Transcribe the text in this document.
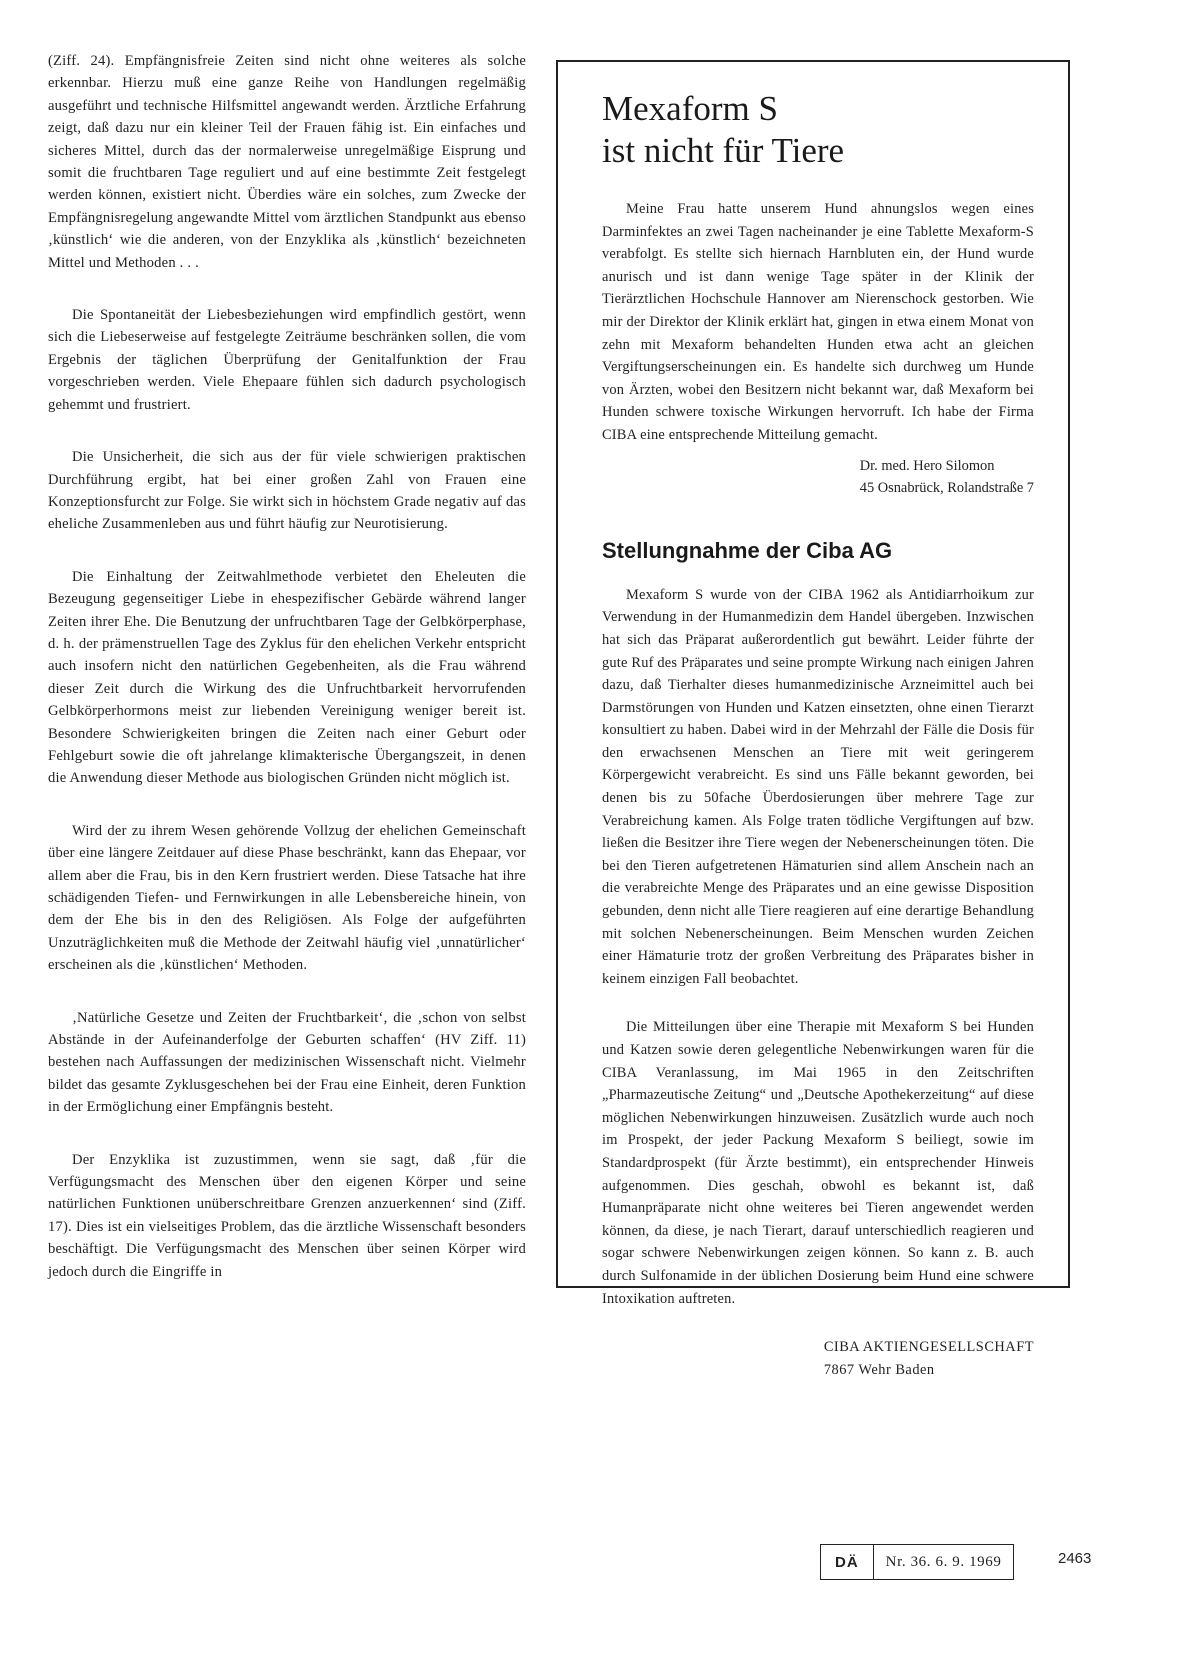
(Ziff. 24). Empfängnisfreie Zeiten sind nicht ohne weiteres als solche erkennbar. Hierzu muß eine ganze Reihe von Handlungen regelmäßig ausgeführt und technische Hilfsmittel angewandt werden. Ärztliche Erfahrung zeigt, daß dazu nur ein kleiner Teil der Frauen fähig ist. Ein einfaches und sicheres Mittel, durch das der normalerweise unregelmäßige Eisprung und somit die fruchtbaren Tage reguliert und auf eine bestimmte Zeit festgelegt werden können, existiert nicht. Überdies wäre ein solches, zum Zwecke der Empfängnisregelung angewandte Mittel vom ärztlichen Standpunkt aus ebenso ‚künstlich‘ wie die anderen, von der Enzyklika als ‚künstlich‘ bezeichneten Mittel und Methoden . . .

Die Spontaneität der Liebesbeziehungen wird empfindlich gestört, wenn sich die Liebeserweise auf festgelegte Zeiträume beschränken sollen, die vom Ergebnis der täglichen Überprüfung der Genitalfunktion der Frau vorgeschrieben werden. Viele Ehepaare fühlen sich dadurch psychologisch gehemmt und frustriert.

Die Unsicherheit, die sich aus der für viele schwierigen praktischen Durchführung ergibt, hat bei einer großen Zahl von Frauen eine Konzeptionsfurcht zur Folge. Sie wirkt sich in höchstem Grade negativ auf das eheliche Zusammenleben aus und führt häufig zur Neurotisierung.

Die Einhaltung der Zeitwahlmethode verbietet den Eheleuten die Bezeugung gegenseitiger Liebe in ehespezifischer Gebärde während langer Zeiten ihrer Ehe. Die Benutzung der unfruchtbaren Tage der Gelbkörperphase, d. h. der prämenstruellen Tage des Zyklus für den ehelichen Verkehr entspricht auch insofern nicht den natürlichen Gegebenheiten, als die Frau während dieser Zeit durch die Wirkung des die Unfruchtbarkeit hervorrufenden Gelbkörperhormons meist zur liebenden Vereinigung weniger bereit ist. Besondere Schwierigkeiten bringen die Zeiten nach einer Geburt oder Fehlgeburt sowie die oft jahrelange klimakterische Übergangszeit, in denen die Anwendung dieser Methode aus biologischen Gründen nicht möglich ist.

Wird der zu ihrem Wesen gehörende Vollzug der ehelichen Gemeinschaft über eine längere Zeitdauer auf diese Phase beschränkt, kann das Ehepaar, vor allem aber die Frau, bis in den Kern frustriert werden. Diese Tatsache hat ihre schädigenden Tiefen- und Fernwirkungen in alle Lebensbereiche hinein, von dem der Ehe bis in den des Religiösen. Als Folge der aufgeführten Unzuträglichkeiten muß die Methode der Zeitwahl häufig viel ‚unnatürlicher‘ erscheinen als die ‚künstlichen‘ Methoden.

‚Natürliche Gesetze und Zeiten der Fruchtbarkeit‘, die ‚schon von selbst Abstände in der Aufeinanderfolge der Geburten schaffen‘ (HV Ziff. 11) bestehen nach Auffassungen der medizinischen Wissenschaft nicht. Vielmehr bildet das gesamte Zyklusgeschehen bei der Frau eine Einheit, deren Funktion in der Ermöglichung einer Empfängnis besteht.

Der Enzyklika ist zuzustimmen, wenn sie sagt, daß ‚für die Verfügungsmacht des Menschen über den eigenen Körper und seine natürlichen Funktionen unüberschreitbare Grenzen anzuerkennen‘ sind (Ziff. 17). Dies ist ein vielseitiges Problem, das die ärztliche Wissenschaft besonders beschäftigt. Die Verfügungsmacht des Menschen über seinen Körper wird jedoch durch die Eingriffe in

Mexaform S
ist nicht für Tiere

Meine Frau hatte unserem Hund ahnungslos wegen eines Darminfektes an zwei Tagen nacheinander je eine Tablette Mexaform-S verabfolgt. Es stellte sich hiernach Harnbluten ein, der Hund wurde anurisch und ist dann wenige Tage später in der Klinik der Tierärztlichen Hochschule Hannover am Nierenschock gestorben. Wie mir der Direktor der Klinik erklärt hat, gingen in etwa einem Monat von zehn mit Mexaform behandelten Hunden etwa acht an gleichen Vergiftungserscheinungen ein. Es handelte sich durchweg um Hunde von Ärzten, wobei den Besitzern nicht bekannt war, daß Mexaform bei Hunden schwere toxische Wirkungen hervorruft. Ich habe der Firma CIBA eine entsprechende Mitteilung gemacht.

Dr. med. Hero Silomon
45 Osnabrück, Rolandstraße 7
Stellungnahme der Ciba AG

Mexaform S wurde von der CIBA 1962 als Antidiarrhoikum zur Verwendung in der Humanmedizin dem Handel übergeben. Inzwischen hat sich das Präparat außerordentlich gut bewährt. Leider führte der gute Ruf des Präparates und seine prompte Wirkung nach einigen Jahren dazu, daß Tierhalter dieses humanmedizinische Arzneimittel auch bei Darmstörungen von Hunden und Katzen einsetzten, ohne einen Tierarzt konsultiert zu haben. Dabei wird in der Mehrzahl der Fälle die Dosis für den erwachsenen Menschen an Tiere mit weit geringerem Körpergewicht verabreicht. Es sind uns Fälle bekannt geworden, bei denen bis zu 50fache Überdosierungen über mehrere Tage zur Verabreichung kamen. Als Folge traten tödliche Vergiftungen auf bzw. ließen die Besitzer ihre Tiere wegen der Nebenerscheinungen töten. Die bei den Tieren aufgetretenen Hämaturien sind allem Anschein nach an die verabreichte Menge des Präparates und an eine gewisse Disposition gebunden, denn nicht alle Tiere reagieren auf eine derartige Behandlung mit solchen Nebenerscheinungen. Beim Menschen wurden Zeichen einer Hämaturie trotz der großen Verbreitung des Präparates bisher in keinem einzigen Fall beobachtet.

Die Mitteilungen über eine Therapie mit Mexaform S bei Hunden und Katzen sowie deren gelegentliche Nebenwirkungen waren für die CIBA Veranlassung, im Mai 1965 in den Zeitschriften „Pharmazeutische Zeitung“ und „Deutsche Apothekerzeitung“ auf diese möglichen Nebenwirkungen hinzuweisen. Zusätzlich wurde auch noch im Prospekt, der jeder Packung Mexaform S beiliegt, sowie im Standardprospekt (für Ärzte bestimmt), ein entsprechender Hinweis aufgenommen. Dies geschah, obwohl es bekannt ist, daß Humanpräparate nicht ohne weiteres bei Tieren angewendet werden können, da diese, je nach Tierart, darauf unterschiedlich reagieren und sogar schwere Nebenwirkungen zeigen können. So kann z. B. auch durch Sulfonamide in der üblichen Dosierung beim Hund eine schwere Intoxikation auftreten.

CIBA AKTIENGESELLSCHAFT
7867 Wehr Baden
DÄ	Nr. 36. 6. 9. 1969	2463
